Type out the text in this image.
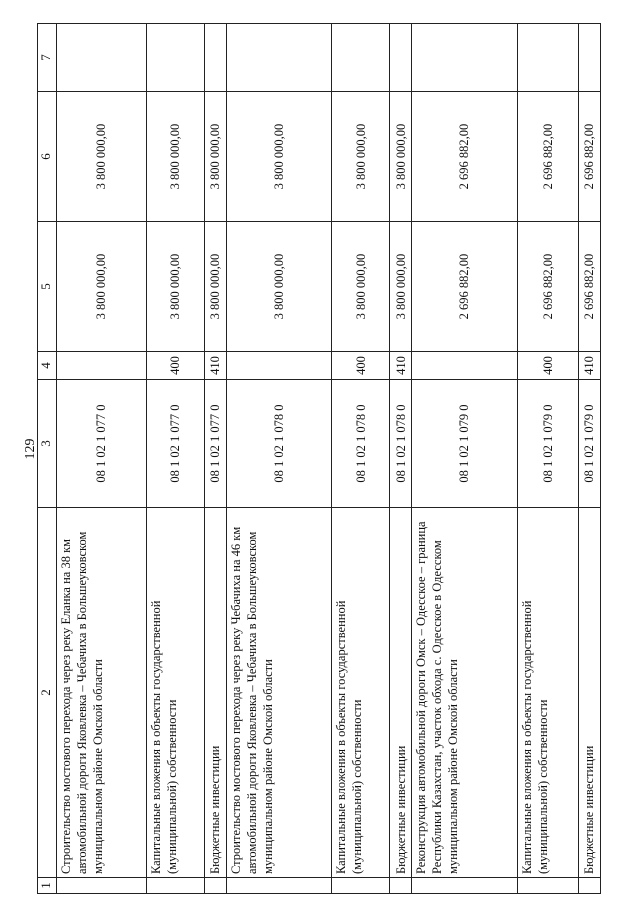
129
1	2	3	4	5	6	7
	Строительство мостового перехода через реку Еланка на 38 км автомобильной дороги Яковлевка – Чебачиха в Большеуковском муниципальном районе Омской области	08 1 02 1 077 0		3 800 000,00	3 800 000,00	
	Капитальные вложения в объекты государственной (муниципальной) собственности	08 1 02 1 077 0	400	3 800 000,00	3 800 000,00	
	Бюджетные инвестиции	08 1 02 1 077 0	410	3 800 000,00	3 800 000,00	
	Строительство мостового перехода через реку Чебачиха на 46 км автомобильной дороги Яковлевка – Чебачиха в Большеуковском муниципальном районе Омской области	08 1 02 1 078 0		3 800 000,00	3 800 000,00	
	Капитальные вложения в объекты государственной (муниципальной) собственности	08 1 02 1 078 0	400	3 800 000,00	3 800 000,00	
	Бюджетные инвестиции	08 1 02 1 078 0	410	3 800 000,00	3 800 000,00	
	Реконструкция автомобильной дороги Омск – Одесское – граница Республики Казахстан, участок обхода с. Одесское в Одесском муниципальном районе Омской области	08 1 02 1 079 0		2 696 882,00	2 696 882,00	
	Капитальные вложения в объекты государственной (муниципальной) собственности	08 1 02 1 079 0	400	2 696 882,00	2 696 882,00	
	Бюджетные инвестиции	08 1 02 1 079 0	410	2 696 882,00	2 696 882,00	
